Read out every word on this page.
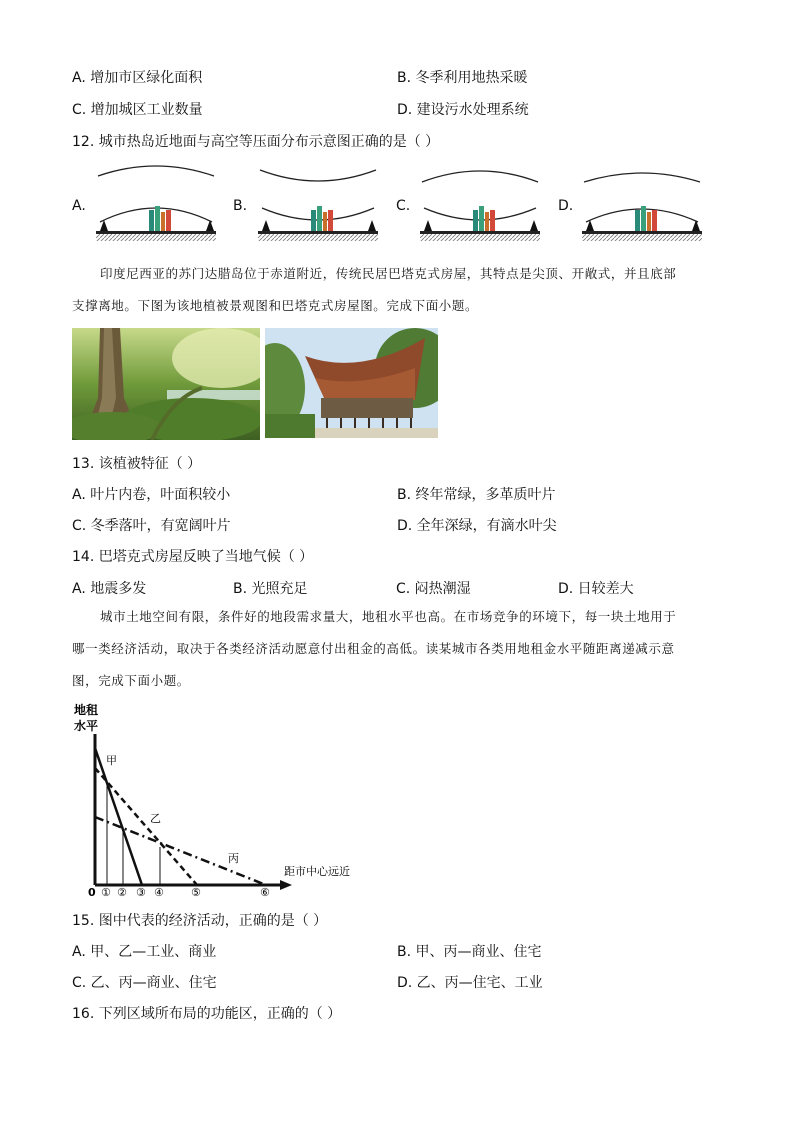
A. 增加市区绿化面积	B. 冬季利用地热采暖
C. 增加城区工业数量	D. 建设污水处理系统
12. 城市热岛近地面与高空等压面分布示意图正确的是（ ）
A.	B.	C.	D.
印度尼西亚的苏门达腊岛位于赤道附近，传统民居巴塔克式房屋，其特点是尖顶、开敞式，并且底部
支撑离地。下图为该地植被景观图和巴塔克式房屋图。完成下面小题。
13. 该植被特征（ ）
A. 叶片内卷，叶面积较小	B. 终年常绿，多革质叶片
C. 冬季落叶，有宽阔叶片	D. 全年深绿，有滴水叶尖
14. 巴塔克式房屋反映了当地气候（ ）
A. 地震多发	B. 光照充足	C. 闷热潮湿	D. 日较差大
城市土地空间有限，条件好的地段需求量大，地租水平也高。在市场竞争的环境下，每一块土地用于
哪一类经济活动，取决于各类经济活动愿意付出租金的高低。读某城市各类用地租金水平随距离递减示意
图，完成下面小题。
地租
水平
距市中心远近
甲
乙
丙
0 ① ② ③ ④ ⑤	⑥
15. 图中代表的经济活动，正确的是（ ）
A. 甲、乙—工业、商业	B. 甲、丙—商业、住宅
C. 乙、丙—商业、住宅	D. 乙、丙—住宅、工业
16. 下列区域所布局的功能区，正确的（ ）
